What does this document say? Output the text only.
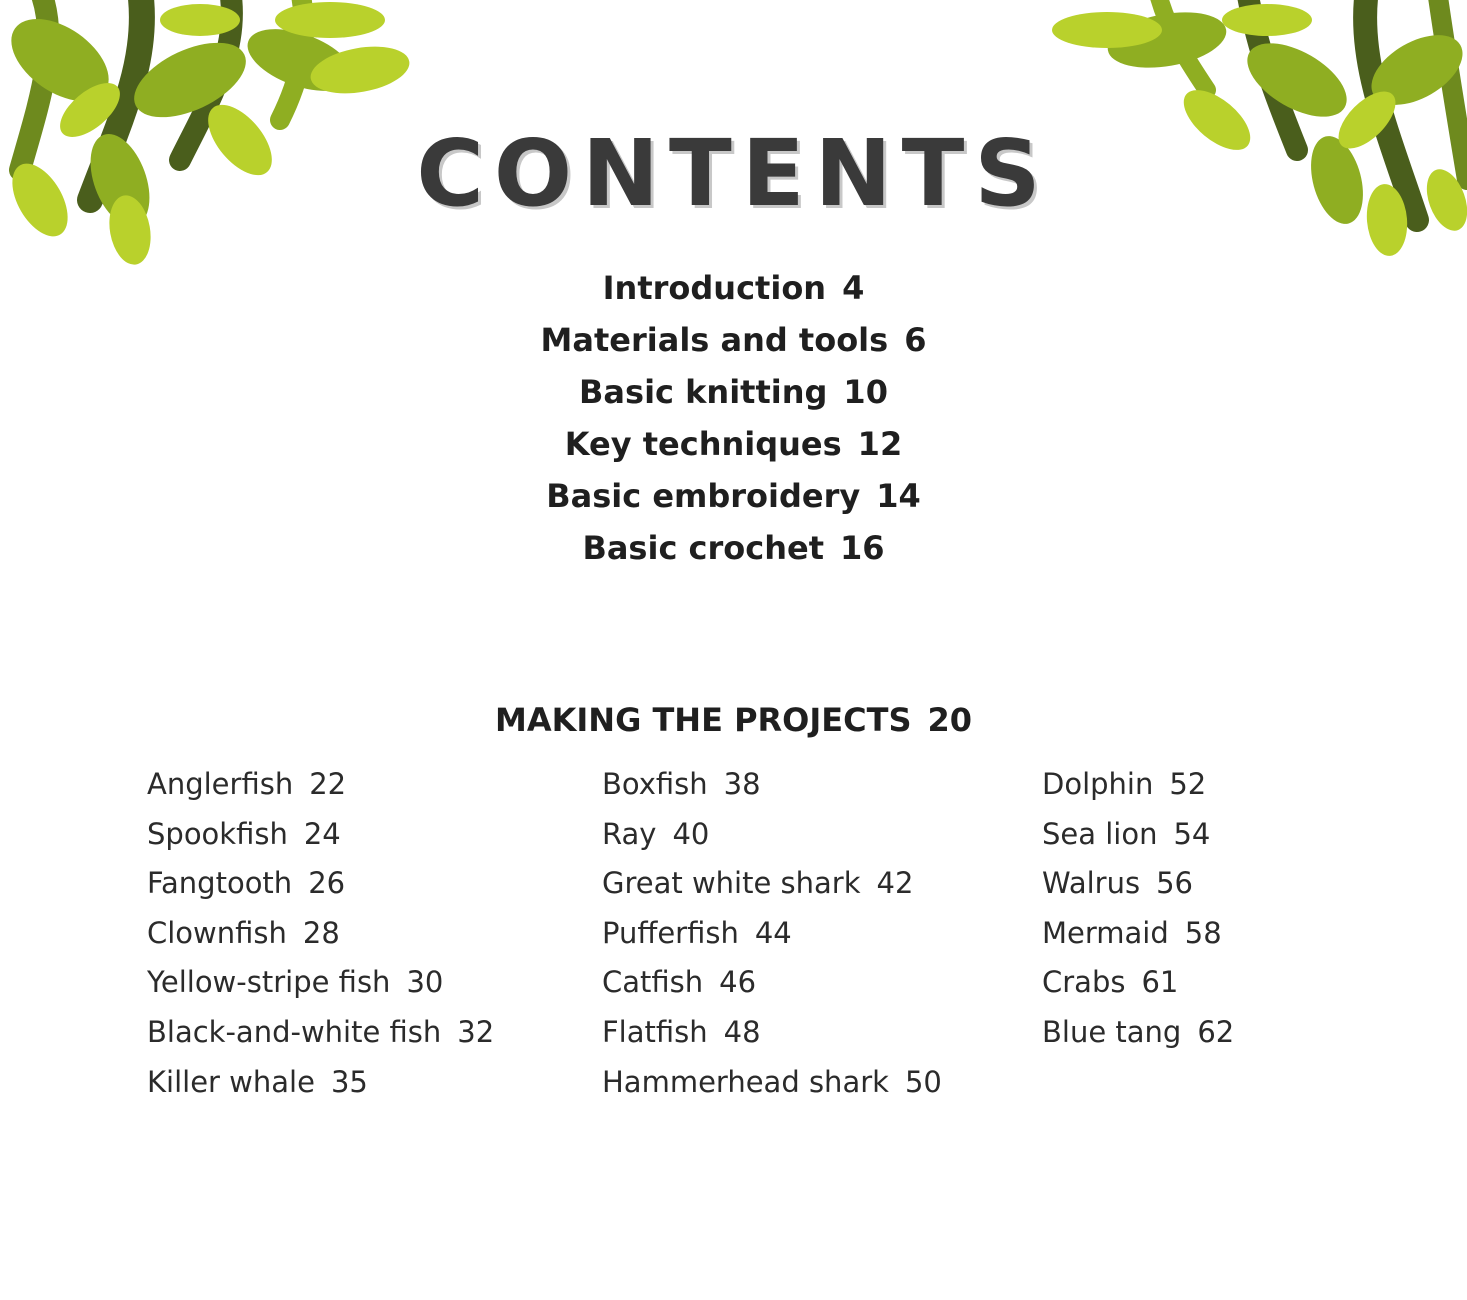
CONTENTS
Introduction 4
Materials and tools 6
Basic knitting 10
Key techniques 12
Basic embroidery 14
Basic crochet 16
MAKING THE PROJECTS 20
Anglerfish 22
Spookfish 24
Fangtooth 26
Clownfish 28
Yellow-stripe fish 30
Black-and-white fish 32
Killer whale 35
Boxfish 38
Ray 40
Great white shark 42
Pufferfish 44
Catfish 46
Flatfish 48
Hammerhead shark 50
Dolphin 52
Sea lion 54
Walrus 56
Mermaid 58
Crabs 61
Blue tang 62
